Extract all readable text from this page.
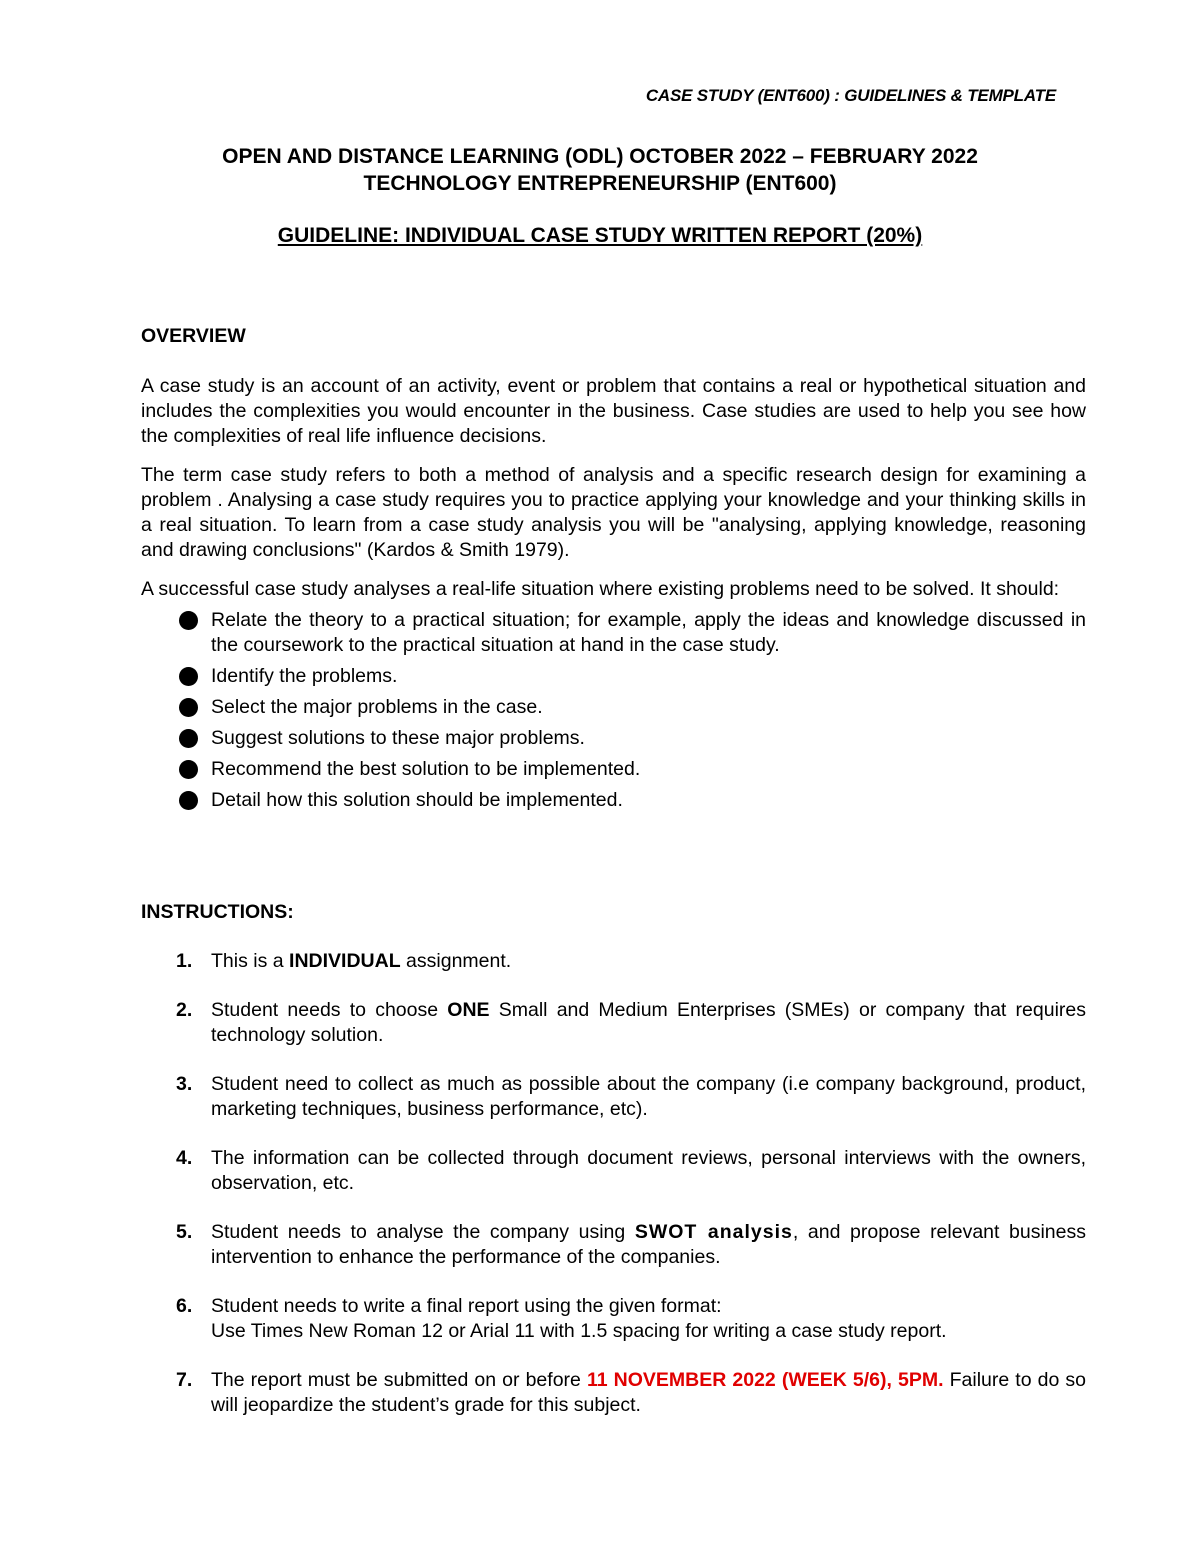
CASE STUDY (ENT600) : GUIDELINES & TEMPLATE
OPEN AND DISTANCE LEARNING (ODL) OCTOBER 2022 – FEBRUARY 2022
TECHNOLOGY ENTREPRENEURSHIP (ENT600)
GUIDELINE: INDIVIDUAL CASE STUDY WRITTEN REPORT (20%)
OVERVIEW

A case study is an account of an activity, event or problem that contains a real or hypothetical situation and includes the complexities you would encounter in the business. Case studies are used to help you see how the complexities of real life influence decisions.

The term case study refers to both a method of analysis and a specific research design for examining a problem . Analysing a case study requires you to practice applying your knowledge and your thinking skills in a real situation. To learn from a case study analysis you will be "analysing, applying knowledge, reasoning and drawing conclusions" (Kardos & Smith 1979).

A successful case study analyses a real-life situation where existing problems need to be solved. It should:

Relate the theory to a practical situation; for example, apply the ideas and knowledge discussed in the coursework to the practical situation at hand in the case study.
Identify the problems.
Select the major problems in the case.
Suggest solutions to these major problems.
Recommend the best solution to be implemented.
Detail how this solution should be implemented.
INSTRUCTIONS:
1. This is a INDIVIDUAL assignment.
2. Student needs to choose ONE Small and Medium Enterprises (SMEs) or company that requires technology solution.
3. Student need to collect as much as possible about the company (i.e company background, product, marketing techniques, business performance, etc).
4. The information can be collected through document reviews, personal interviews with the owners, observation, etc.
5. Student needs to analyse the company using SWOT analysis, and propose relevant business intervention to enhance the performance of the companies.
6. Student needs to write a final report using the given format:
Use Times New Roman 12 or Arial 11 with 1.5 spacing for writing a case study report.
7. The report must be submitted on or before 11 NOVEMBER 2022 (WEEK 5/6), 5PM. Failure to do so will jeopardize the student’s grade for this subject.
